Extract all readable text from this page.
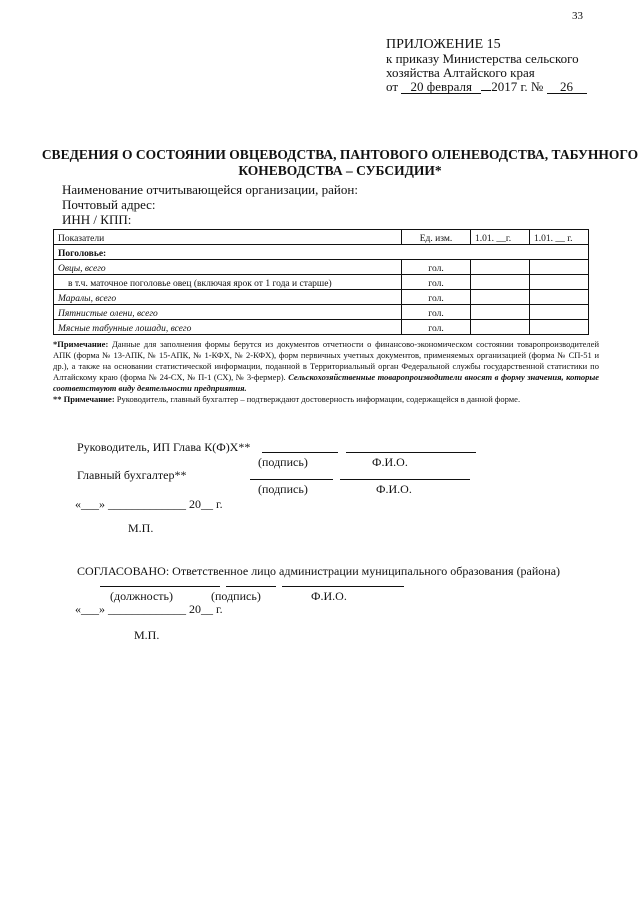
33
ПРИЛОЖЕНИЕ 15
к приказу Министерства сельского
хозяйства Алтайского края
от 20 февраля 2017 г. № 26
СВЕДЕНИЯ О СОСТОЯНИИ ОВЦЕВОДСТВА, ПАНТОВОГО ОЛЕНЕВОДСТВА, ТАБУННОГО КОНЕВОДСТВА – СУБСИДИИ*
Наименование отчитывающейся организации, район:
Почтовый адрес:
ИНН / КПП:
Показатели	Ед. изм.	1.01. __г.	1.01. __ г.
Поголовье:			
Овцы, всего	гол.		
в т.ч. маточное поголовье овец (включая ярок от 1 года и старше)	гол.		
Маралы, всего	гол.		
Пятнистые олени, всего	гол.		
Мясные табунные лошади, всего	гол.		
*Примечание: Данные для заполнения формы берутся из документов отчетности о финансово-экономическом состоянии товаропроизводителей АПК (форма № 13-АПК, № 15-АПК, № 1-КФХ, № 2-КФХ), форм первичных учетных документов, применяемых организацией (форма № СП-51 и др.), а также на основании статистической информации, поданной в Территориальный орган Федеральной службы государственной статистики по Алтайскому краю (форма № 24-СХ, № П-1 (СХ), № 3-фермер). Сельскохозяйственные товаропроизводители вносят в форму значения, которые соответствуют виду деятельности предприятия.
** Примечание: Руководитель, главный бухгалтер – подтверждают достоверность информации, содержащейся в данной форме.
Руководитель, ИП Глава К(Ф)Х**
(подпись)	Ф.И.О.
Главный бухгалтер**
(подпись)	Ф.И.О.
«___» _____________ 20__ г.
М.П.
СОГЛАСОВАНО: Ответственное лицо администрации муниципального образования (района)
(должность)	(подпись)	Ф.И.О.
«___» _____________ 20__ г.
М.П.
